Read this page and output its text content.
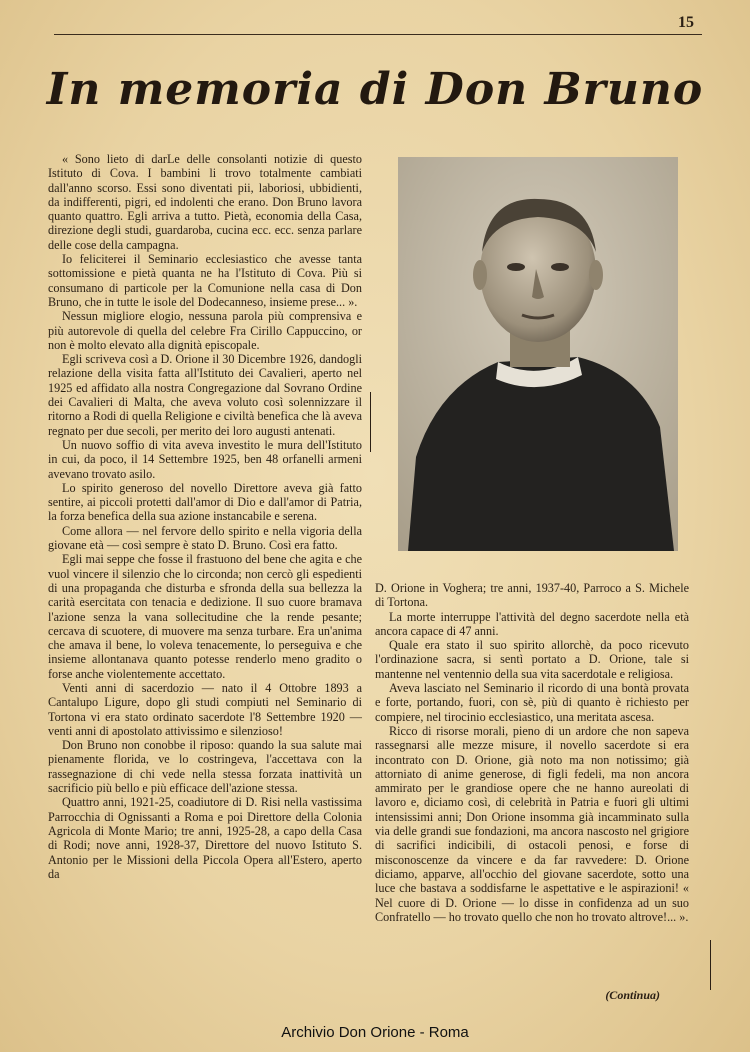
15
In memoria di Don Bruno

« Sono lieto di darLe delle consolanti notizie di questo Istituto di Cova. I bambini li trovo totalmente cambiati dall'anno scorso. Essi sono diventati pii, laboriosi, ubbidienti, da indifferenti, pigri, ed indolenti che erano. Don Bruno lavora quanto quattro. Egli arriva a tutto. Pietà, economia della Casa, direzione degli studi, guardaroba, cucina ecc. ecc. senza parlare delle cose della campagna.

Io feliciterei il Seminario ecclesiastico che avesse tanta sottomissione e pietà quanta ne ha l'Istituto di Cova. Più si consumano di particole per la Comunione nella casa di Don Bruno, che in tutte le isole del Dodecanneso, insieme prese... ».

Nessun migliore elogio, nessuna parola più comprensiva e più autorevole di quella del celebre Fra Cirillo Cappuccino, or non è molto elevato alla dignità episcopale.

Egli scriveva così a D. Orione il 30 Dicembre 1926, dandogli relazione della visita fatta all'Istituto dei Cavalieri, aperto nel 1925 ed affidato alla nostra Congregazione dal Sovrano Ordine dei Cavalieri di Malta, che aveva voluto così solennizzare il ritorno a Rodi di quella Religione e civiltà benefica che là aveva regnato per due secoli, per merito dei loro augusti antenati.

Un nuovo soffio di vita aveva investito le mura dell'Istituto in cui, da poco, il 14 Settembre 1925, ben 48 orfanelli armeni avevano trovato asilo.

Lo spirito generoso del novello Direttore aveva già fatto sentire, ai piccoli protetti dall'amor di Dio e dall'amor di Patria, la forza benefica della sua azione instancabile e serena.

Come allora — nel fervore dello spirito e nella vigoria della giovane età — così sempre è stato D. Bruno. Così era fatto.

Egli mai seppe che fosse il frastuono del bene che agita e che vuol vincere il silenzio che lo circonda; non cercò gli espedienti di una propaganda che disturba e sfronda della sua bellezza la carità esercitata con tenacia e dedizione. Il suo cuore bramava l'azione senza la vana sollecitudine che la rende pesante; cercava di scuotere, di muovere ma senza turbare. Era un'anima che amava il bene, lo voleva tenacemente, lo perseguiva e che insieme allontanava quanto potesse renderlo meno gradito o forse anche violentemente accettato.

Venti anni di sacerdozio — nato il 4 Ottobre 1893 a Cantalupo Ligure, dopo gli studi compiuti nel Seminario di Tortona vi era stato ordinato sacerdote l'8 Settembre 1920 — venti anni di apostolato attivissimo e silenzioso!

Don Bruno non conobbe il riposo: quando la sua salute mai pienamente florida, ve lo costringeva, l'accettava con la rassegnazione di chi vede nella stessa forzata inattività un sacrificio più bello e più efficace dell'azione stessa.

Quattro anni, 1921-25, coadiutore di D. Risi nella vastissima Parrocchia di Ognissanti a Roma e poi Direttore della Colonia Agricola di Monte Mario; tre anni, 1925-28, a capo della Casa di Rodi; nove anni, 1928-37, Direttore del nuovo Istituto S. Antonio per le Missioni della Piccola Opera all'Estero, aperto da

D. Orione in Voghera; tre anni, 1937-40, Parroco a S. Michele di Tortona.

La morte interruppe l'attività del degno sacerdote nella età ancora capace di 47 anni.

Quale era stato il suo spirito allorchè, da poco ricevuto l'ordinazione sacra, si sentì portato a D. Orione, tale si mantenne nel ventennio della sua vita sacerdotale e religiosa.

Aveva lasciato nel Seminario il ricordo di una bontà provata e forte, portando, fuori, con sè, più di quanto è richiesto per compiere, nel tirocinio ecclesiastico, una meritata ascesa.

Ricco di risorse morali, pieno di un ardore che non sapeva rassegnarsi alle mezze misure, il novello sacerdote si era incontrato con D. Orione, già noto ma non notissimo; già attorniato di anime generose, di figli fedeli, ma non ancora ammirato per le grandiose opere che ne hanno aureolati di lavoro e, diciamo così, di celebrità in Patria e fuori gli ultimi intensissimi anni; Don Orione insomma già incamminato sulla via delle grandi sue fondazioni, ma ancora nascosto nel grigiore di sacrifici indicibili, di ostacoli penosi, e forse di misconoscenze da vincere e da far ravvedere: D. Orione diciamo, apparve, all'occhio del giovane sacerdote, sotto una luce che bastava a soddisfarne le aspettative e le aspirazioni! « Nel cuore di D. Orione — lo disse in confidenza ad un suo Confratello — ho trovato quello che non ho trovato altrove!... ».

(Continua)
Archivio Don Orione - Roma
